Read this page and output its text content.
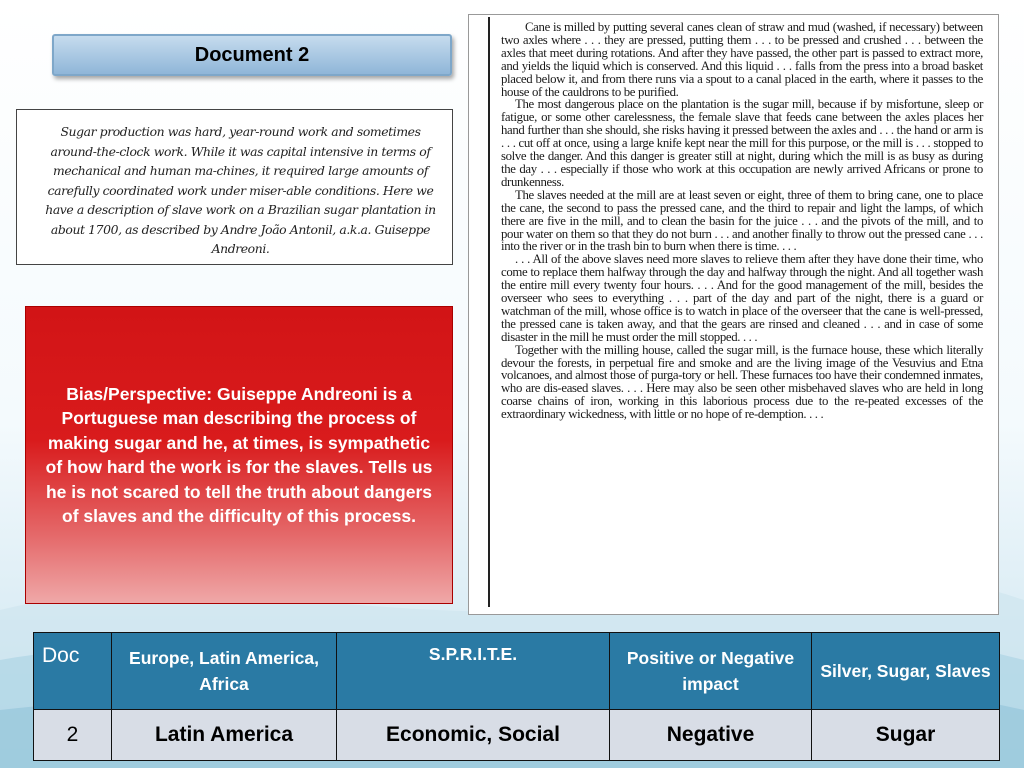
Document 2
Sugar production was hard, year-round work and sometimes around-the-clock work. While it was capital intensive in terms of mechanical and human ma-chines, it required large amounts of carefully coordinated work under miser-able conditions. Here we have a description of slave work on a Brazilian sugar plantation in about 1700, as described by Andre João Antonil, a.k.a. Guiseppe Andreoni.
Bias/Perspective: Guiseppe Andreoni is a Portuguese man describing the process of making sugar and he, at times, is sympathetic of how hard the work is for the slaves. Tells us he is not scared to tell the truth about dangers of slaves and the difficulty of this process.

Cane is milled by putting several canes clean of straw and mud (washed, if necessary) between two axles where . . . they are pressed, putting them . . . to be pressed and crushed . . . between the axles that meet during rotations. And after they have passed, the other part is passed to extract more, and yields the liquid which is conserved. And this liquid . . . falls from the press into a broad basket placed below it, and from there runs via a spout to a canal placed in the earth, where it passes to the house of the cauldrons to be purified.

The most dangerous place on the plantation is the sugar mill, because if by misfortune, sleep or fatigue, or some other carelessness, the female slave that feeds cane between the axles places her hand further than she should, she risks having it pressed between the axles and . . . the hand or arm is . . . cut off at once, using a large knife kept near the mill for this purpose, or the mill is . . . stopped to solve the danger. And this danger is greater still at night, during which the mill is as busy as during the day . . . especially if those who work at this occupation are newly arrived Africans or prone to drunkenness.

The slaves needed at the mill are at least seven or eight, three of them to bring cane, one to place the cane, the second to pass the pressed cane, and the third to repair and light the lamps, of which there are five in the mill, and to clean the basin for the juice . . . and the pivots of the mill, and to pour water on them so that they do not burn . . . and another finally to throw out the pressed cane . . . into the river or in the trash bin to burn when there is time. . . .

. . . All of the above slaves need more slaves to relieve them after they have done their time, who come to replace them halfway through the day and halfway through the night. And all together wash the entire mill every twenty four hours. . . . And for the good management of the mill, besides the overseer who sees to everything . . . part of the day and part of the night, there is a guard or watchman of the mill, whose office is to watch in place of the overseer that the cane is well-pressed, the pressed cane is taken away, and that the gears are rinsed and cleaned . . . and in case of some disaster in the mill he must order the mill stopped. . . .

Together with the milling house, called the sugar mill, is the furnace house, these which literally devour the forests, in perpetual fire and smoke and are the living image of the Vesuvius and Etna volcanoes, and almost those of purga-tory or hell. These furnaces too have their condemned inmates, who are dis-eased slaves. . . . Here may also be seen other misbehaved slaves who are held in long coarse chains of iron, working in this laborious process due to the re-peated excesses of the extraordinary wickedness, with little or no hope of re-demption. . . .

Doc	Europe, Latin America, Africa	S.P.R.I.T.E.	Positive or Negative impact	Silver, Sugar, Slaves
2	Latin America	Economic, Social	Negative	Sugar
